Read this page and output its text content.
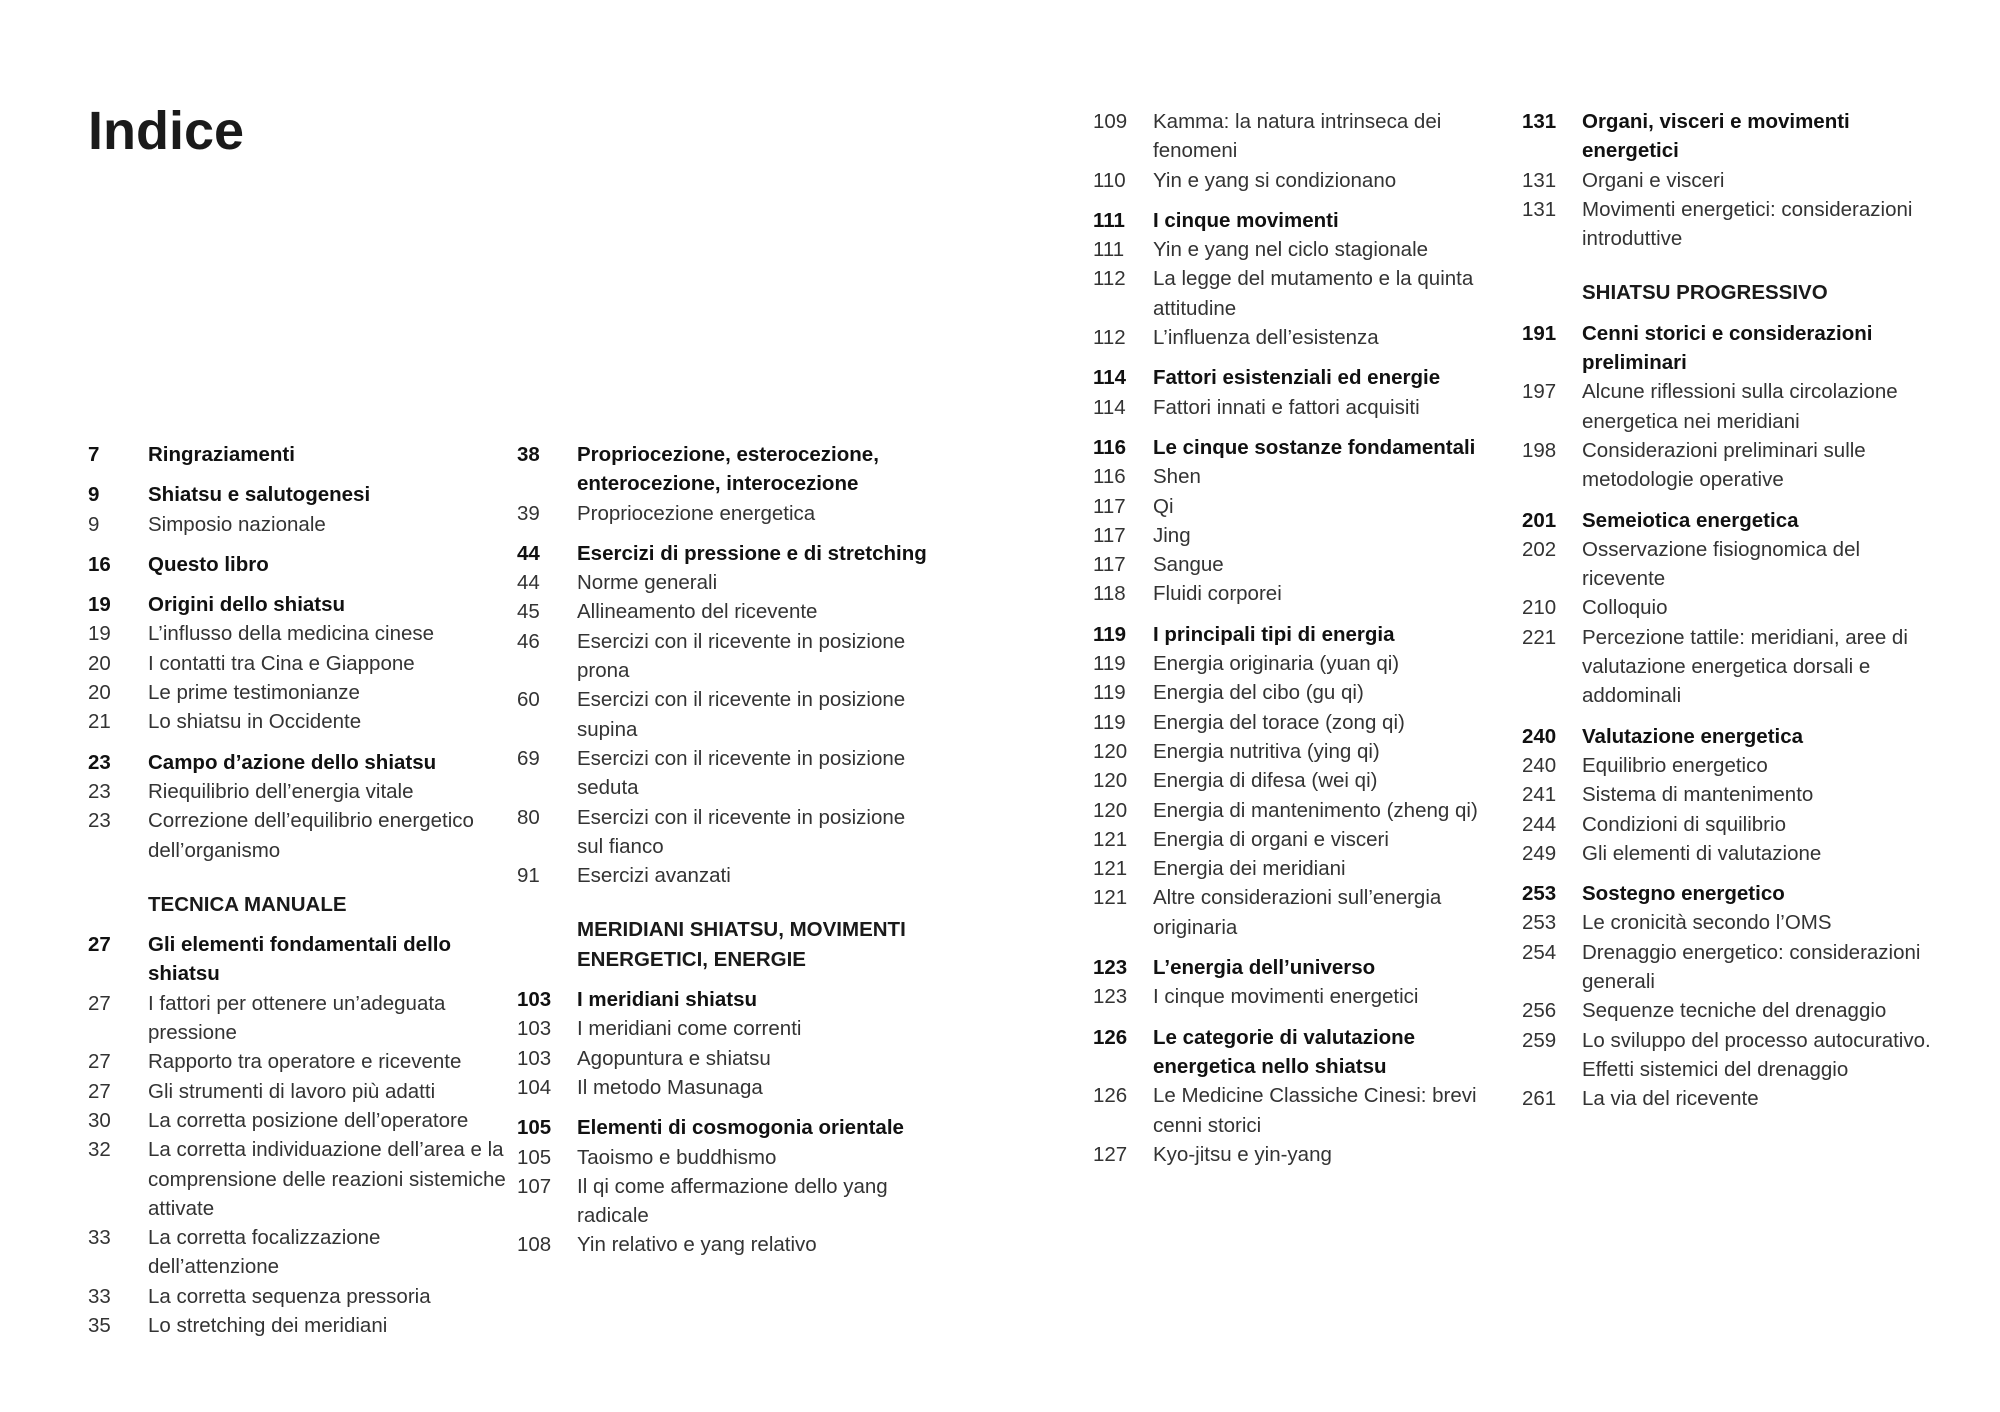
Indice
7	Ringraziamenti
9	Shiatsu e salutogenesi
9	Simposio nazionale
16	Questo libro
19	Origini dello shiatsu
19	L’influsso della medicina cinese
20	I contatti tra Cina e Giappone
20	Le prime testimonianze
21	Lo shiatsu in Occidente
23	Campo d’azione dello shiatsu
23	Riequilibrio dell’energia vitale
23	Correzione dell’equilibrio energetico dell’organismo
TECNICA MANUALE
27	Gli elementi fondamentali dello shiatsu
27	I fattori per ottenere un’adeguata pressione
27	Rapporto tra operatore e ricevente
27	Gli strumenti di lavoro più adatti
30	La corretta posizione dell’operatore
32	La corretta individuazione dell’area e la comprensione delle reazioni sistemiche attivate
33	La corretta focalizzazione dell’attenzione
33	La corretta sequenza pressoria
35	Lo stretching dei meridiani
38	Propriocezione, esterocezione, enterocezione, interocezione
39	Propriocezione energetica
44	Esercizi di pressione e di stretching
44	Norme generali
45	Allineamento del ricevente
46	Esercizi con il ricevente in posizione prona
60	Esercizi con il ricevente in posizione supina
69	Esercizi con il ricevente in posizione seduta
80	Esercizi con il ricevente in posizione sul fianco
91	Esercizi avanzati
MERIDIANI SHIATSU, MOVIMENTI ENERGETICI, ENERGIE
103	I meridiani shiatsu
103	I meridiani come correnti
103	Agopuntura e shiatsu
104	Il metodo Masunaga
105	Elementi di cosmogonia orientale
105	Taoismo e buddhismo
107	Il qi come affermazione dello yang radicale
108	Yin relativo e yang relativo
109	Kamma: la natura intrinseca dei fenomeni
110	Yin e yang si condizionano
111	I cinque movimenti
111	Yin e yang nel ciclo stagionale
112	La legge del mutamento e la quinta attitudine
112	L’influenza dell’esistenza
114	Fattori esistenziali ed energie
114	Fattori innati e fattori acquisiti
116	Le cinque sostanze fondamentali
116	Shen
117	Qi
117	Jing
117	Sangue
118	Fluidi corporei
119	I principali tipi di energia
119	Energia originaria (yuan qi)
119	Energia del cibo (gu qi)
119	Energia del torace (zong qi)
120	Energia nutritiva (ying qi)
120	Energia di difesa (wei qi)
120	Energia di mantenimento (zheng qi)
121	Energia di organi e visceri
121	Energia dei meridiani
121	Altre considerazioni sull’energia originaria
123	L’energia dell’universo
123	I cinque movimenti energetici
126	Le categorie di valutazione energetica nello shiatsu
126	Le Medicine Classiche Cinesi: brevi cenni storici
127	Kyo-jitsu e yin-yang
131	Organi, visceri e movimenti energetici
131	Organi e visceri
131	Movimenti energetici: considerazioni introduttive
SHIATSU PROGRESSIVO
191	Cenni storici e considerazioni preliminari
197	Alcune riflessioni sulla circolazione energetica nei meridiani
198	Considerazioni preliminari sulle metodologie operative
201	Semeiotica energetica
202	Osservazione fisiognomica del ricevente
210	Colloquio
221	Percezione tattile: meridiani, aree di valutazione energetica dorsali e addominali
240	Valutazione energetica
240	Equilibrio energetico
241	Sistema di mantenimento
244	Condizioni di squilibrio
249	Gli elementi di valutazione
253	Sostegno energetico
253	Le cronicità secondo l’OMS
254	Drenaggio energetico: considerazioni generali
256	Sequenze tecniche del drenaggio
259	Lo sviluppo del processo autocurativo. Effetti sistemici del drenaggio
261	La via del ricevente
